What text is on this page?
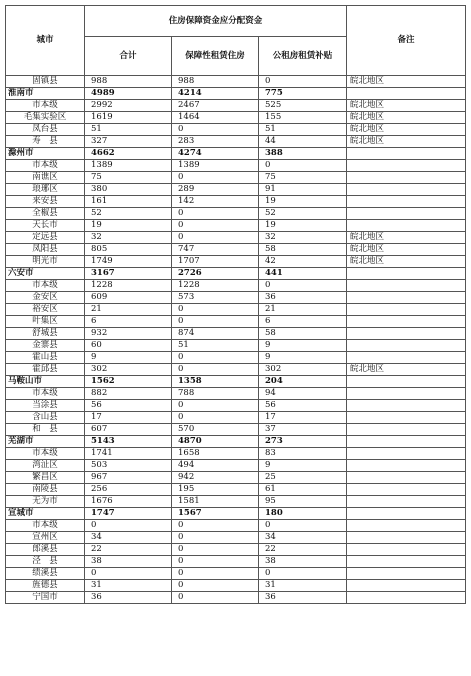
城市	住房保障资金应分配资金			备注
	合计	保障性租赁住房	公租房租赁补贴	
固镇县	988	988	0	皖北地区
淮南市	4989	4214	775	
市本级	2992	2467	525	皖北地区
毛集实验区	1619	1464	155	皖北地区
凤台县	51	0	51	皖北地区
寿　县	327	283	44	皖北地区
滁州市	4662	4274	388	
市本级	1389	1389	0	
南谯区	75	0	75	
琅琊区	380	289	91	
来安县	161	142	19	
全椒县	52	0	52	
天长市	19	0	19	
定远县	32	0	32	皖北地区
凤阳县	805	747	58	皖北地区
明光市	1749	1707	42	皖北地区
六安市	3167	2726	441	
市本级	1228	1228	0	
金安区	609	573	36	
裕安区	21	0	21	
叶集区	6	0	6	
舒城县	932	874	58	
金寨县	60	51	9	
霍山县	9	0	9	
霍邱县	302	0	302	皖北地区
马鞍山市	1562	1358	204	
市本级	882	788	94	
当涂县	56	0	56	
含山县	17	0	17	
和　县	607	570	37	
芜湖市	5143	4870	273	
市本级	1741	1658	83	
湾沚区	503	494	9	
繁昌区	967	942	25	
南陵县	256	195	61	
无为市	1676	1581	95	
宣城市	1747	1567	180	
市本级	0	0	0	
宣州区	34	0	34	
郎溪县	22	0	22	
泾　县	38	0	38	
绩溪县	0	0	0	
旌德县	31	0	31	
宁国市	36	0	36	
